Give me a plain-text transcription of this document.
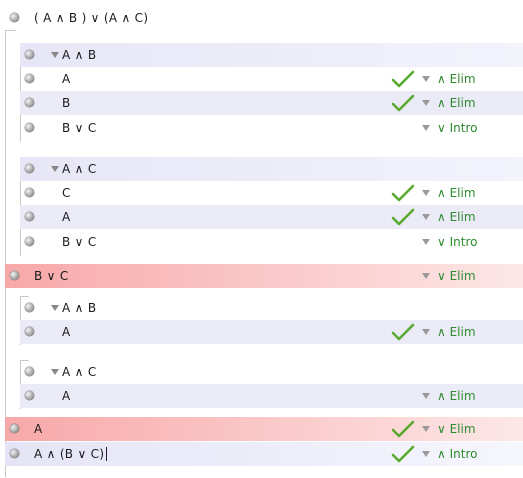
( A ∧ B ) ∨ (A ∧ C)
A ∧ B
A	∧ Elim
B	∧ Elim
B ∨ C	∨ Intro
A ∧ C
C	∧ Elim
A	∧ Elim
B ∨ C	∨ Intro
B ∨ C	∨ Elim
A ∧ B
A	∧ Elim
A ∧ C
A	∧ Elim
A	∨ Elim
A ∧ (B ∨ C)	∧ Intro
